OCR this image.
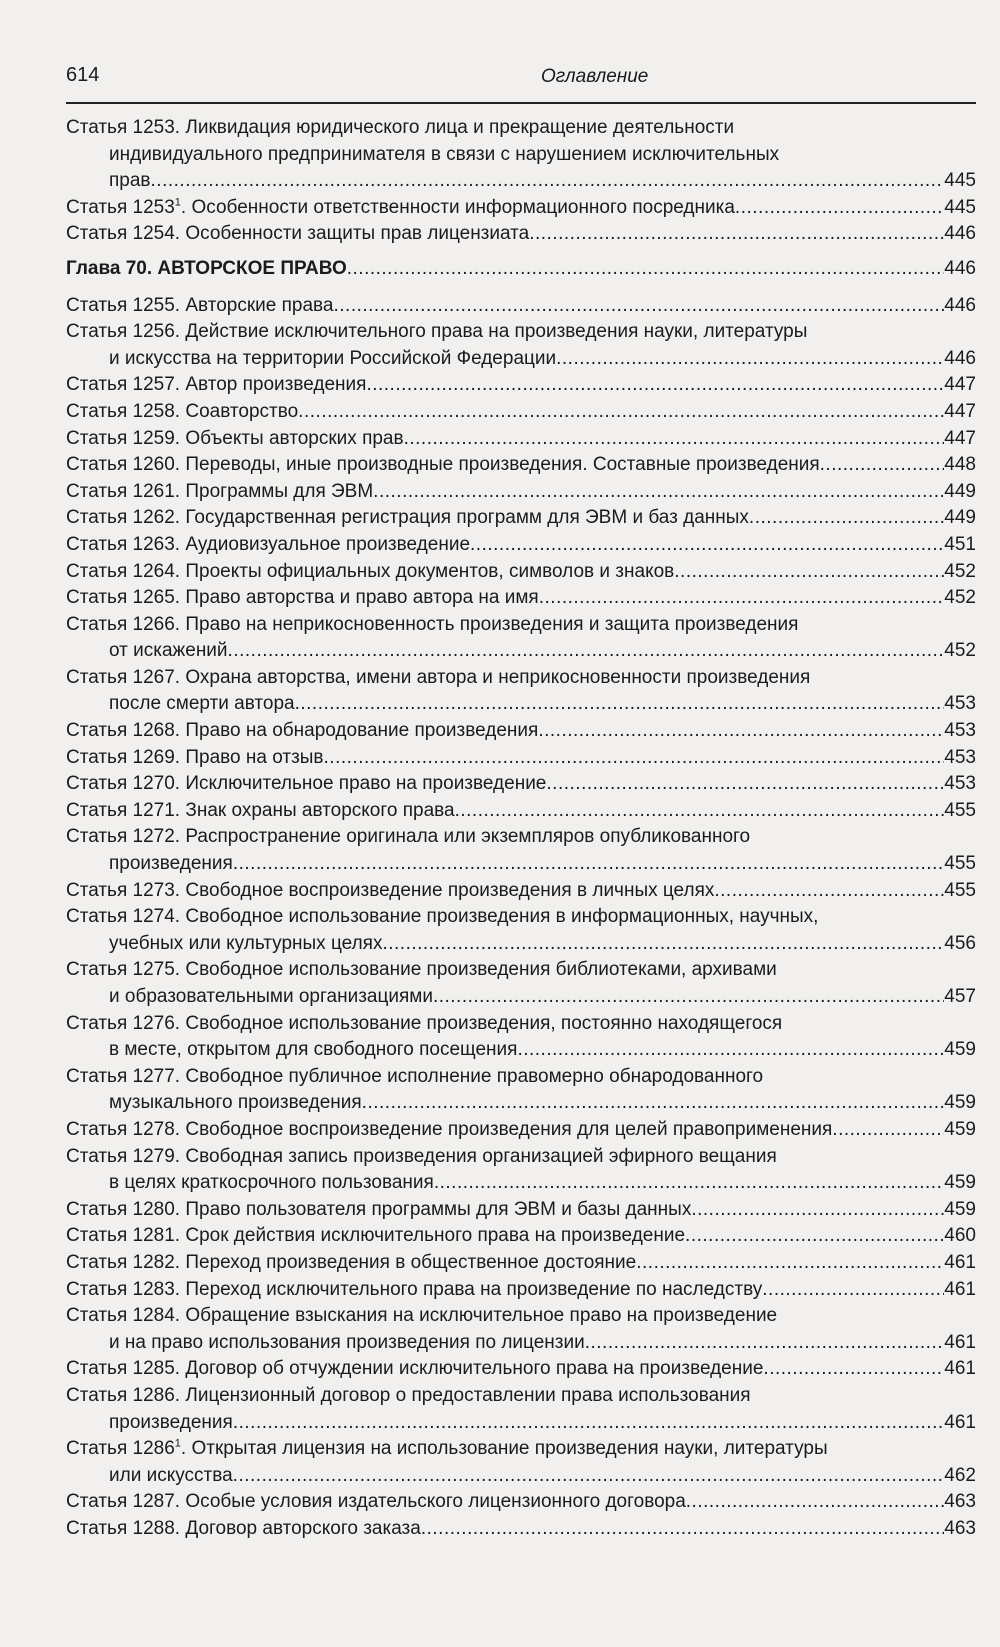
614	Оглавление
Статья 1253. Ликвидация юридического лица и прекращение деятельности
индивидуального предпринимателя в связи с нарушением исключительных
прав .....	445
Статья 1253$^1$. Особенности ответственности информационного посредника .....	445
Статья 1254. Особенности защиты прав лицензиата .....	446
Глава 70. АВТОРСКОЕ ПРАВО .....	446
Статья 1255. Авторские права .....	446
Статья 1256. Действие исключительного права на произведения науки, литературы
и искусства на территории Российской Федерации .....	446
Статья 1257. Автор произведения .....	447
Статья 1258. Соавторство .....	447
Статья 1259. Объекты авторских прав .....	447
Статья 1260. Переводы, иные производные произведения. Составные произведения .....	448
Статья 1261. Программы для ЭВМ .....	449
Статья 1262. Государственная регистрация программ для ЭВМ и баз данных .....	449
Статья 1263. Аудиовизуальное произведение .....	451
Статья 1264. Проекты официальных документов, символов и знаков .....	452
Статья 1265. Право авторства и право автора на имя .....	452
Статья 1266. Право на неприкосновенность произведения и защита произведения
от искажений .....	452
Статья 1267. Охрана авторства, имени автора и неприкосновенности произведения
после смерти автора .....	453
Статья 1268. Право на обнародование произведения .....	453
Статья 1269. Право на отзыв .....	453
Статья 1270. Исключительное право на произведение .....	453
Статья 1271. Знак охраны авторского права .....	455
Статья 1272. Распространение оригинала или экземпляров опубликованного
произведения .....	455
Статья 1273. Свободное воспроизведение произведения в личных целях .....	455
Статья 1274. Свободное использование произведения в информационных, научных,
учебных или культурных целях .....	456
Статья 1275. Свободное использование произведения библиотеками, архивами
и образовательными организациями .....	457
Статья 1276. Свободное использование произведения, постоянно находящегося
в месте, открытом для свободного посещения .....	459
Статья 1277. Свободное публичное исполнение правомерно обнародованного
музыкального произведения .....	459
Статья 1278. Свободное воспроизведение произведения для целей правоприменения .....	459
Статья 1279. Свободная запись произведения организацией эфирного вещания
в целях краткосрочного пользования .....	459
Статья 1280. Право пользователя программы для ЭВМ и базы данных .....	459
Статья 1281. Срок действия исключительного права на произведение .....	460
Статья 1282. Переход произведения в общественное достояние .....	461
Статья 1283. Переход исключительного права на произведение по наследству .....	461
Статья 1284. Обращение взыскания на исключительное право на произведение
и на право использования произведения по лицензии .....	461
Статья 1285. Договор об отчуждении исключительного права на произведение .....	461
Статья 1286. Лицензионный договор о предоставлении права использования
произведения .....	461
Статья 1286$^1$. Открытая лицензия на использование произведения науки, литературы
или искусства .....	462
Статья 1287. Особые условия издательского лицензионного договора .....	463
Статья 1288. Договор авторского заказа .....	463
